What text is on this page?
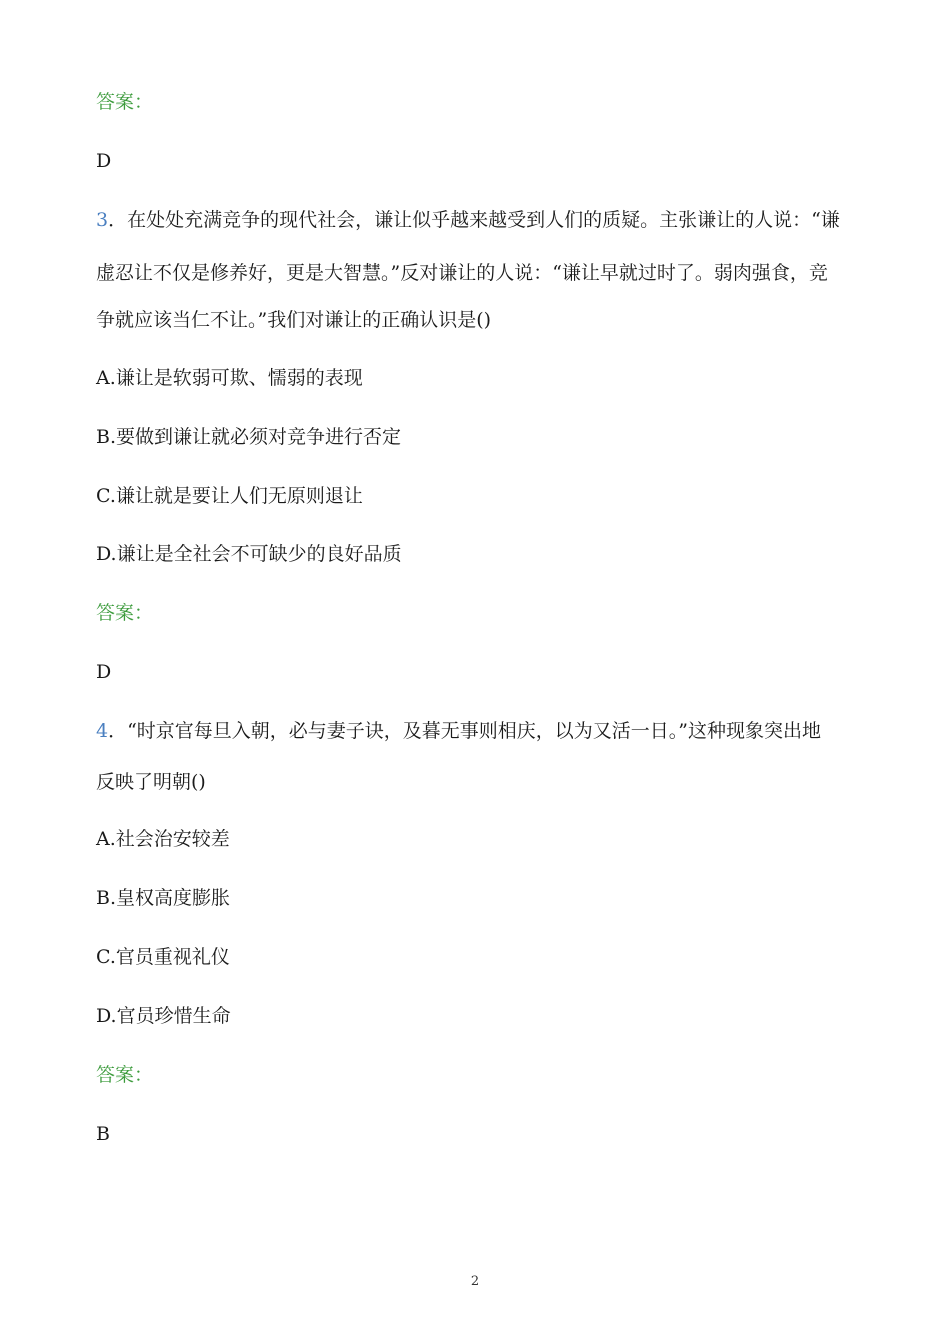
答案：
D
3．在处处充满竞争的现代社会，谦让似乎越来越受到人们的质疑。主张谦让的人说：“谦
虚忍让不仅是修养好，更是大智慧。”反对谦让的人说：“谦让早就过时了。弱肉强食，竞
争就应该当仁不让。”我们对谦让的正确认识是()
A.谦让是软弱可欺、懦弱的表现
B.要做到谦让就必须对竞争进行否定
C.谦让就是要让人们无原则退让
D.谦让是全社会不可缺少的良好品质
答案：
D
4．“时京官每旦入朝，必与妻子诀，及暮无事则相庆，以为又活一日。”这种现象突出地
反映了明朝()
A.社会治安较差
B.皇权高度膨胀
C.官员重视礼仪
D.官员珍惜生命
答案：
B
2
